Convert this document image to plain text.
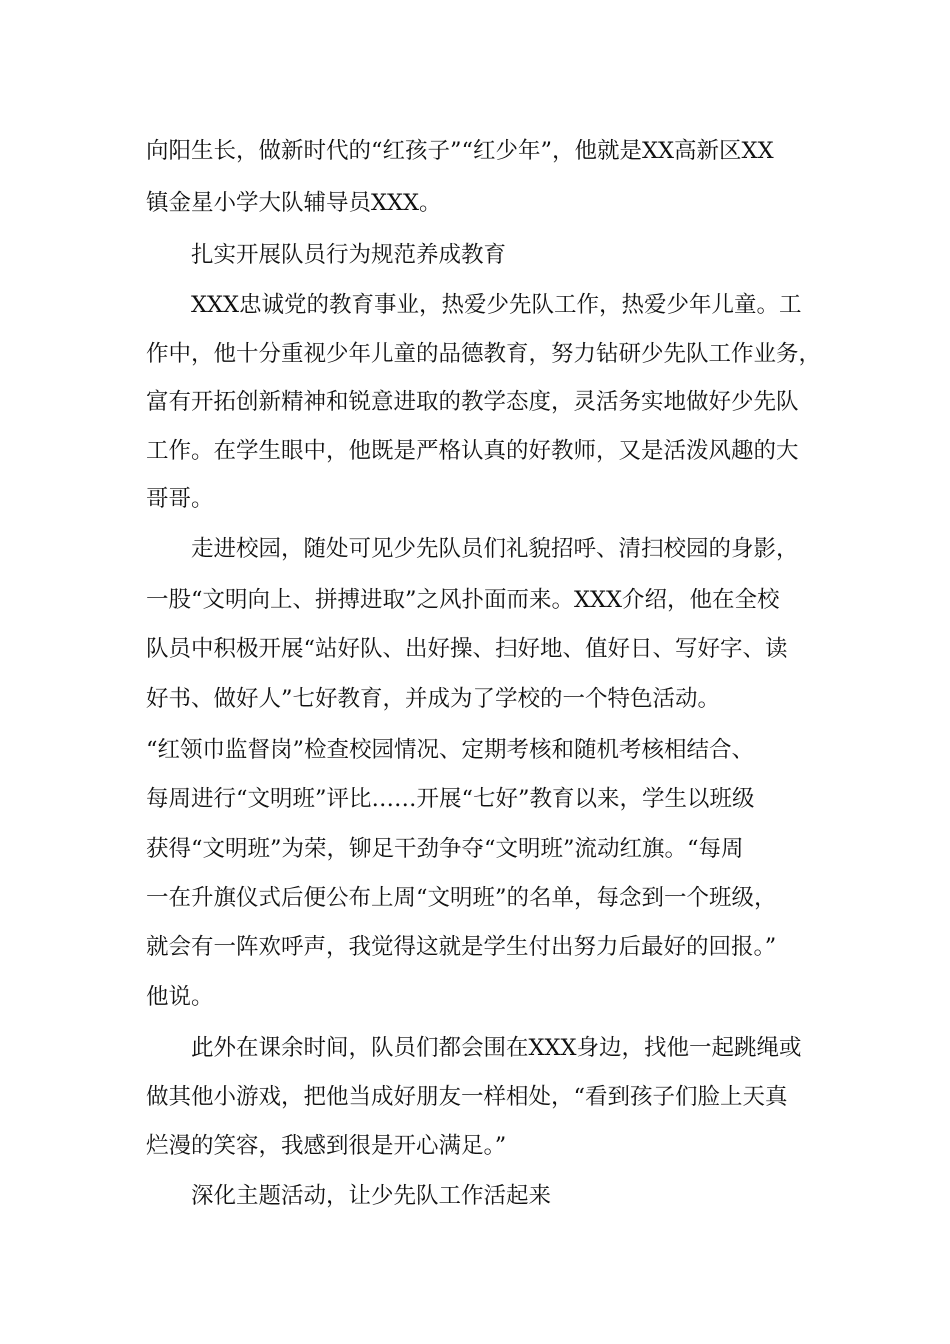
向阳生长，做新时代的“红孩子”“红少年”，他就是XX高新区XX
镇金星小学大队辅导员XXX。
扎实开展队员行为规范养成教育
XXX忠诚党的教育事业，热爱少先队工作，热爱少年儿童。工
作中，他十分重视少年儿童的品德教育，努力钻研少先队工作业务，
富有开拓创新精神和锐意进取的教学态度，灵活务实地做好少先队
工作。在学生眼中，他既是严格认真的好教师，又是活泼风趣的大
哥哥。
走进校园，随处可见少先队员们礼貌招呼、清扫校园的身影，
一股“文明向上、拼搏进取”之风扑面而来。XXX介绍，他在全校
队员中积极开展“站好队、出好操、扫好地、值好日、写好字、读
好书、做好人”七好教育，并成为了学校的一个特色活动。
“红领巾监督岗”检查校园情况、定期考核和随机考核相结合、
每周进行“文明班”评比……开展“七好”教育以来，学生以班级
获得“文明班”为荣，铆足干劲争夺“文明班”流动红旗。“每周
一在升旗仪式后便公布上周“文明班”的名单，每念到一个班级，
就会有一阵欢呼声，我觉得这就是学生付出努力后最好的回报。”
他说。
此外在课余时间，队员们都会围在XXX身边，找他一起跳绳或
做其他小游戏，把他当成好朋友一样相处，“看到孩子们脸上天真
烂漫的笑容，我感到很是开心满足。”
深化主题活动，让少先队工作活起来
